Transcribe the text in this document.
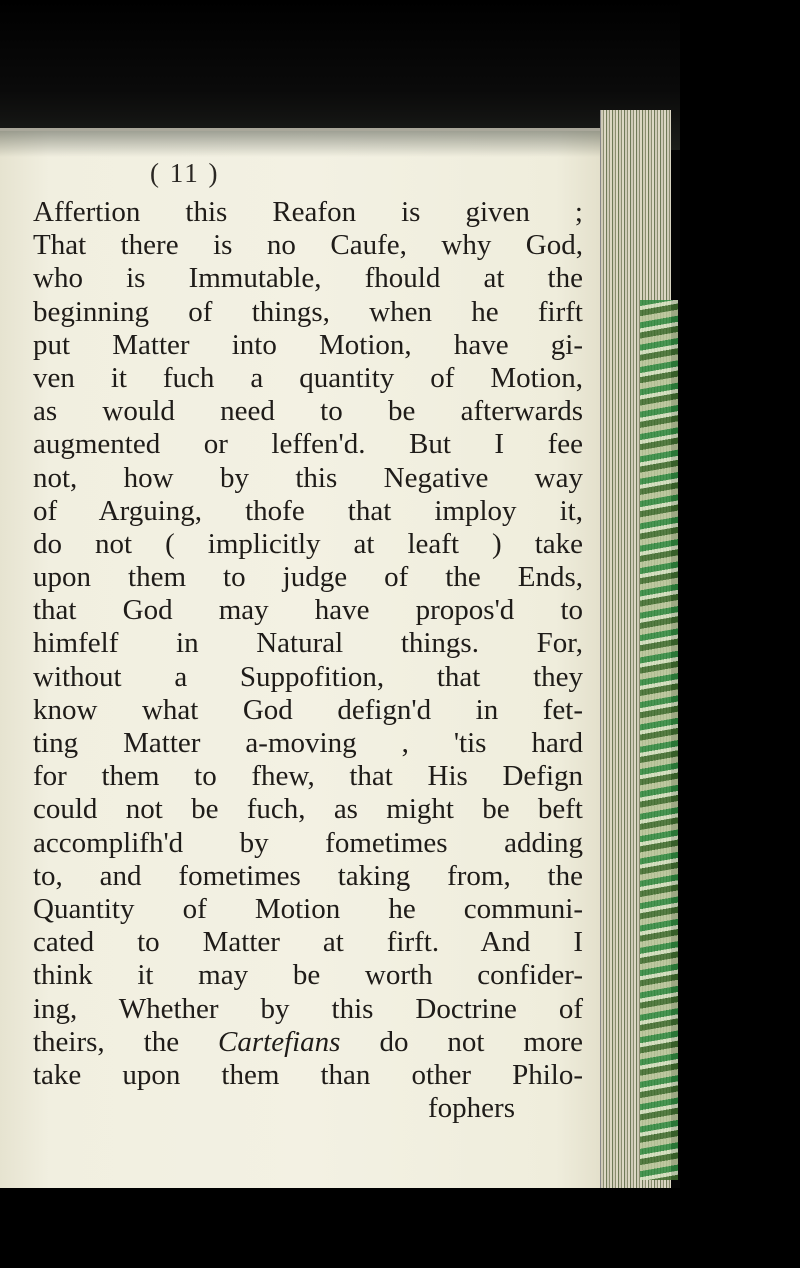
( 11 )
Affertion this Reafon is given ;
That there is no Caufe, why God,
who is Immutable, fhould at the
beginning of things, when he firft
put Matter into Motion, have gi-
ven it fuch a quantity of Motion,
as would need to be afterwards
augmented or leffen'd. But I fee
not, how by this Negative way
of Arguing, thofe that imploy it,
do not ( implicitly at leaft ) take
upon them to judge of the Ends,
that God may have propos'd to
himfelf in Natural things. For,
without a Suppofition, that they
know what God defign'd in fet-
ting Matter a-moving , 'tis hard
for them to fhew, that His Defign
could not be fuch, as might be beft
accomplifh'd by fometimes adding
to, and fometimes taking from, the
Quantity of Motion he communi-
cated to Matter at firft. And I
think it may be worth confider-
ing, Whether by this Doctrine of
theirs, the Cartefians do not more
take upon them than other Philo-
fophers
